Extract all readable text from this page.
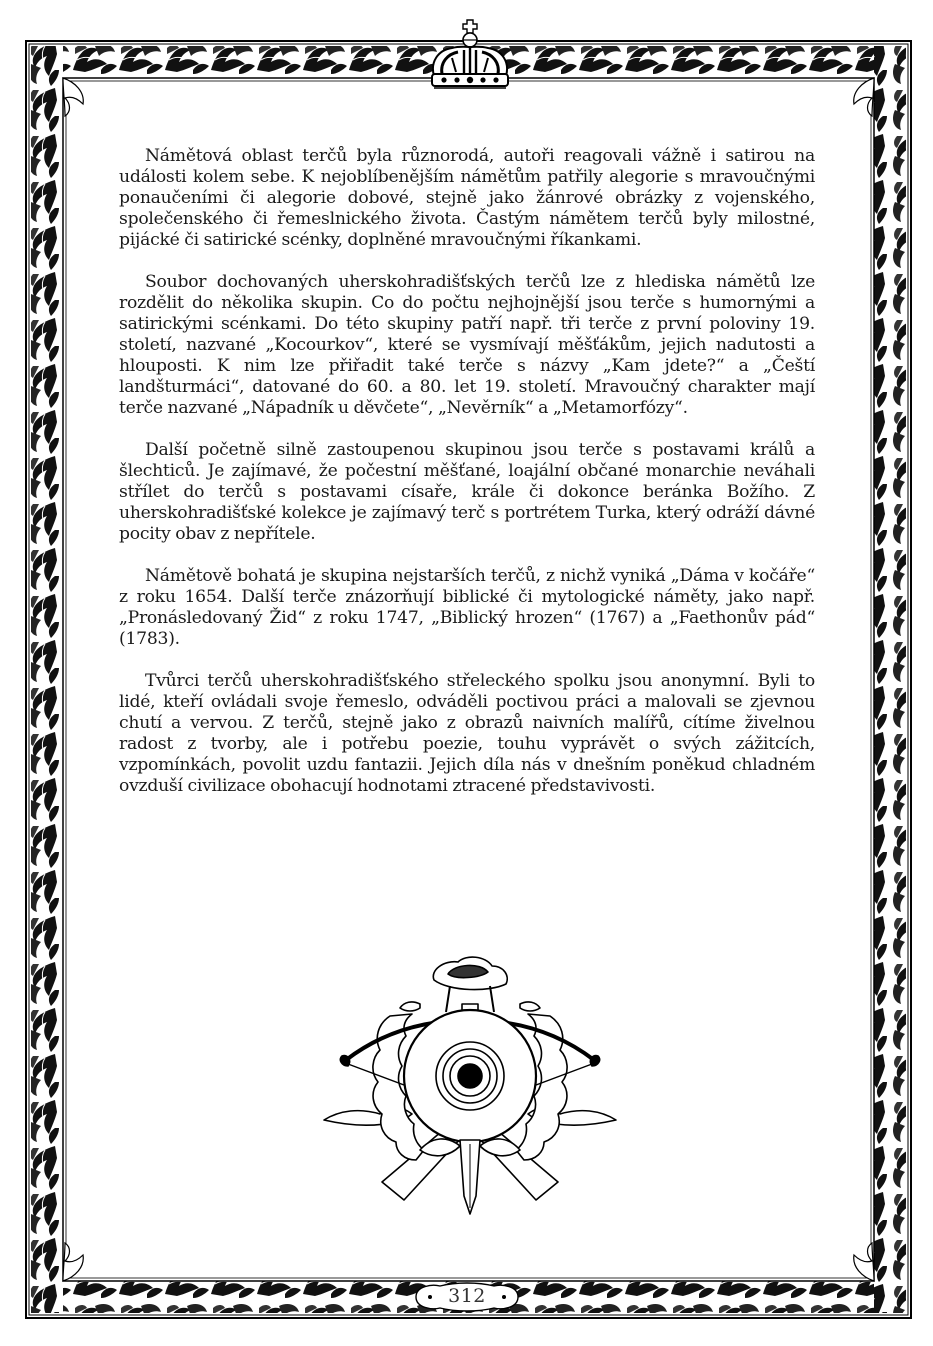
Námětová oblast terčů byla různorodá, autoři reagovali vážně i satirou na události kolem sebe. K nejoblíbenějším námětům patřily alegorie s mravoučnými ponaučeními či alegorie dobové, stejně jako žánrové obrázky z vojenského, společenského či řemeslnického života. Častým námětem terčů byly milostné, pijácké či satirické scénky, doplněné mravoučnými říkankami.

Soubor dochovaných uherskohradišťských terčů lze z hlediska námětů lze rozdělit do několika skupin. Co do počtu nejhojnější jsou terče s humornými a satirickými scénkami. Do této skupiny patří např. tři terče z první poloviny 19. století, nazvané „Kocourkov“, které se vysmívají měšťákům, jejich nadutosti a hlouposti. K nim lze přiřadit také terče s názvy „Kam jdete?“ a „Čeští landšturmáci“, datované do 60. a 80. let 19. století. Mravoučný charakter mají terče nazvané „Nápadník u děvčete“, „Nevěrník“ a „Metamorfózy“.

Další početně silně zastoupenou skupinou jsou terče s postavami králů a šlechticů. Je zajímavé, že počestní měšťané, loajální občané monarchie neváhali střílet do terčů s postavami císaře, krále či dokonce beránka Božího. Z uherskohradišťské kolekce je zajímavý terč s portrétem Turka, který odráží dávné pocity obav z nepřítele.

Námětově bohatá je skupina nejstarších terčů, z nichž vyniká „Dáma v kočáře“ z roku 1654. Další terče znázorňují biblické či mytologické náměty, jako např. „Pronásledovaný Žid“ z roku 1747, „Biblický hrozen“ (1767) a „Faethonův pád“ (1783).

Tvůrci terčů uherskohradišťského střeleckého spolku jsou anonymní. Byli to lidé, kteří ovládali svoje řemeslo, odváděli poctivou práci a malovali se zjevnou chutí a vervou. Z terčů, stejně jako z obrazů naivních malířů, cítíme živelnou radost z tvorby, ale i potřebu poezie, touhu vyprávět o svých zážitcích, vzpomínkách, povolit uzdu fantazii. Jejich díla nás v dnešním poněkud chladném ovzduší civilizace obohacují hodnotami ztracené představivosti.

312
